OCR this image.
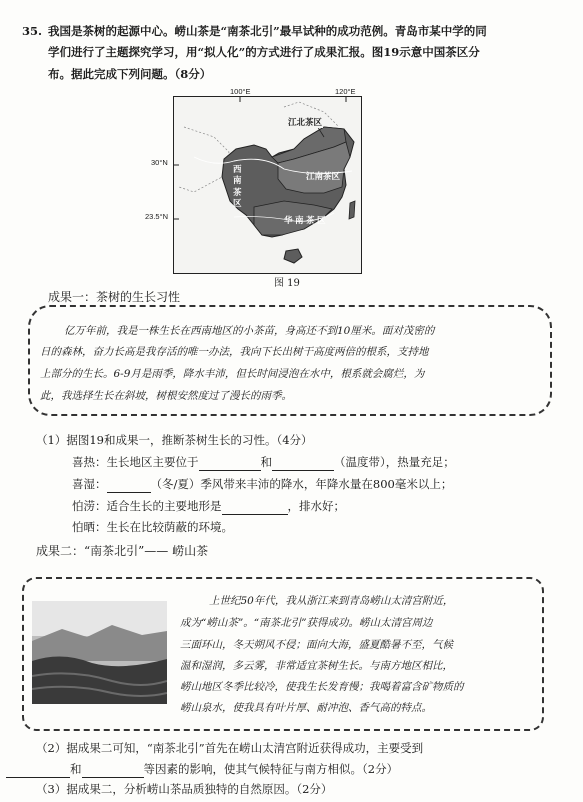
35. 我国是茶树的起源中心。崂山茶是“南茶北引”最早试种的成功范例。青岛市某中学的同
学们进行了主题探究学习，用“拟人化”的方式进行了成果汇报。图19示意中国茶区分
布。据此完成下列问题。（8分）
100°E	120°E
30°N
23.5°N
江北茶区
江南茶区
西
南
茶
区
华 南 茶 区
图 19
成果一：茶树的生长习性
亿万年前，我是一株生长在西南地区的小茶苗，身高还不到10厘米。面对茂密的
日的森林，奋力长高是我存活的唯一办法，我向下长出树干高度两倍的根系，支持地
上部分的生长。6-9月是雨季，降水丰沛，但长时间浸泡在水中，根系就会腐烂，为
此，我选择生长在斜坡，树根安然度过了漫长的雨季。
（1）据图19和成果一，推断茶树生长的习性。（4分）
喜热：生长地区主要位于	和	（温度带），热量充足；
喜湿：	（冬/夏）季风带来丰沛的降水，年降水量在800毫米以上；
怕涝：适合生长的主要地形是	，排水好；
怕晒：生长在比较荫蔽的环境。
成果二：“南茶北引”—— 崂山茶
上世纪50年代，我从浙江来到青岛崂山太清宫附近，
成为“崂山茶”。“南茶北引”获得成功。崂山太清宫周边
三面环山，冬天朔风不侵；面向大海，盛夏酷暑不至，气候
温和湿润，多云雾，非常适宜茶树生长。与南方地区相比，
崂山地区冬季比较冷，使我生长发育慢；我喝着富含矿物质的
崂山泉水，使我具有叶片厚、耐冲泡、香气高的特点。
（2）据成果二可知，“南茶北引”首先在崂山太清宫附近获得成功，主要受到
和	等因素的影响，使其气候特征与南方相似。（2分）
（3）据成果二，分析崂山茶品质独特的自然原因。（2分）
